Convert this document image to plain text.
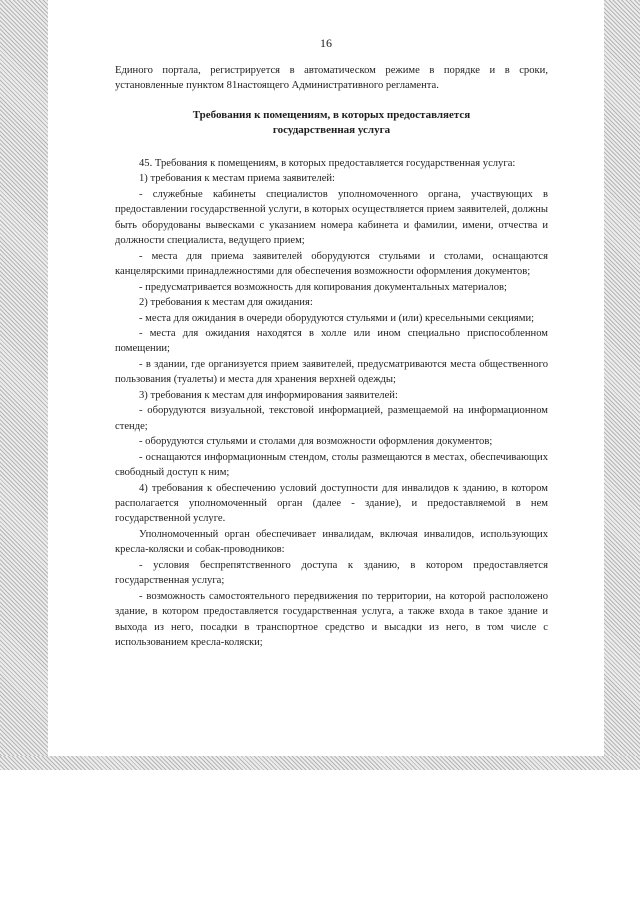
16

Единого портала, регистрируется в автоматическом режиме в порядке и в сроки, установленные пунктом 81настоящего Административного регламента.

Требования к помещениям, в которых предоставляется
государственная услуга

45. Требования к помещениям, в которых предоставляется государственная услуга:

1) требования к местам приема заявителей:

- служебные кабинеты специалистов уполномоченного органа, участвующих в предоставлении государственной услуги, в которых осуществляется прием заявителей, должны быть оборудованы вывесками с указанием номера кабинета и фамилии, имени, отчества и должности специалиста, ведущего прием;

- места для приема заявителей оборудуются стульями и столами, оснащаются канцелярскими принадлежностями для обеспечения возможности оформления документов;

- предусматривается возможность для копирования документальных материалов;

2) требования к местам для ожидания:

- места для ожидания в очереди оборудуются стульями и (или) кресельными секциями;

- места для ожидания находятся в холле или ином специально приспособленном помещении;

- в здании, где организуется прием заявителей, предусматриваются места общественного пользования (туалеты) и места для хранения верхней одежды;

3) требования к местам для информирования заявителей:

- оборудуются визуальной, текстовой информацией, размещаемой на информационном стенде;

- оборудуются стульями и столами для возможности оформления документов;

- оснащаются информационным стендом, столы размещаются в местах, обеспечивающих свободный доступ к ним;

4) требования к обеспечению условий доступности для инвалидов к зданию, в котором располагается уполномоченный орган (далее - здание), и предоставляемой в нем государственной услуге.

Уполномоченный орган обеспечивает инвалидам, включая инвалидов, использующих кресла-коляски и собак-проводников:

- условия беспрепятственного доступа к зданию, в котором предоставляется государственная услуга;

- возможность самостоятельного передвижения по территории, на которой расположено здание, в котором предоставляется государственная услуга, а также входа в такое здание и выхода из него, посадки в транспортное средство и высадки из него, в том числе с использованием кресла-коляски;
